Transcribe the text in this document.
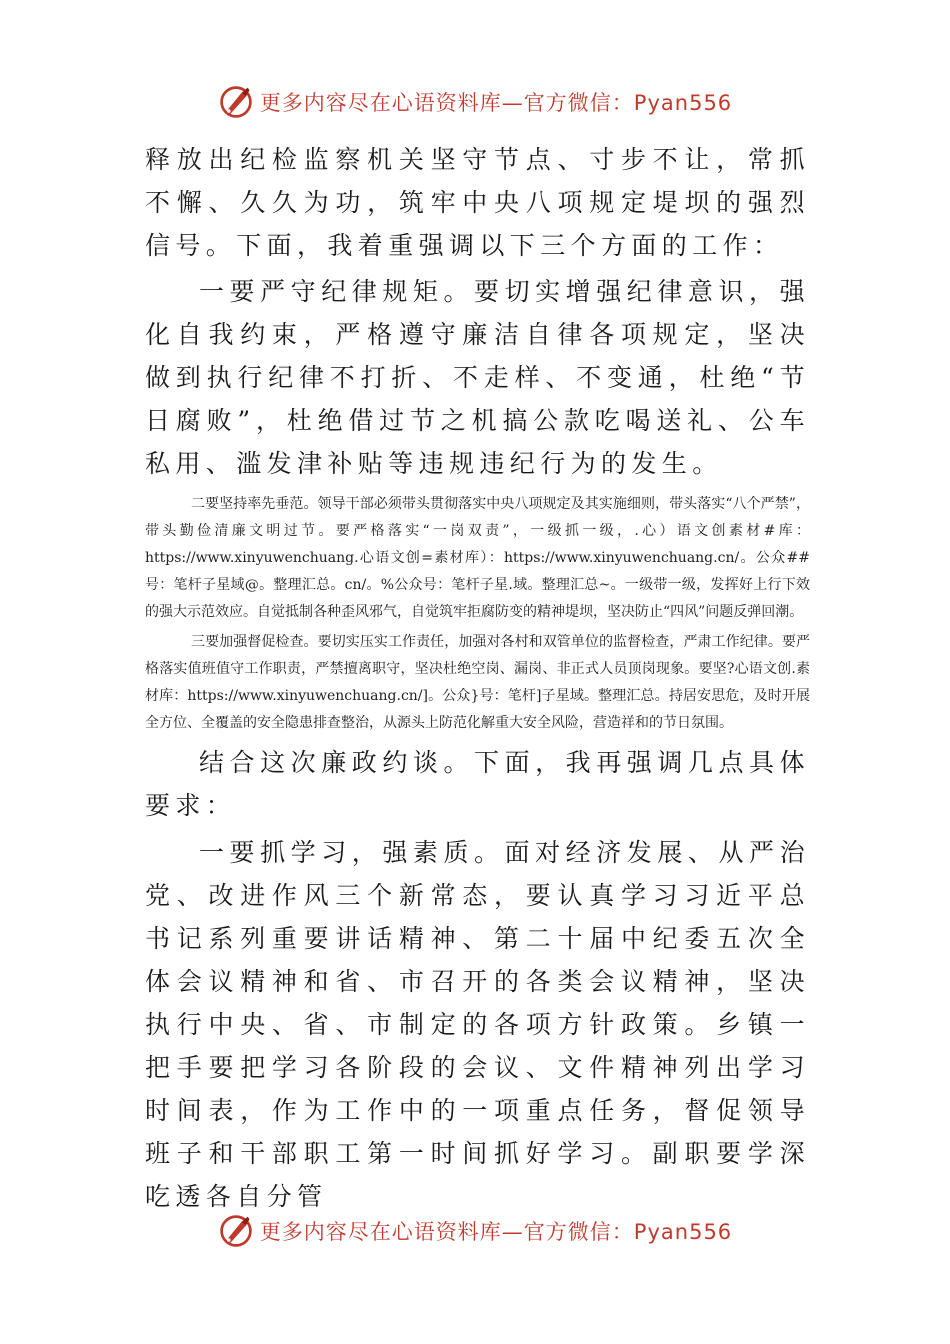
更多内容尽在心语资料库—官方微信：Pyan556

释放出纪检监察机关坚守节点、寸步不让，常抓不懈、久久为功，筑牢中央八项规定堤坝的强烈信号。下面，我着重强调以下三个方面的工作：

一要严守纪律规矩。要切实增强纪律意识，强化自我约束，严格遵守廉洁自律各项规定，坚决做到执行纪律不打折、不走样、不变通，杜绝“节日腐败”，杜绝借过节之机搞公款吃喝送礼、公车私用、滥发津补贴等违规违纪行为的发生。

二要坚持率先垂范。领导干部必须带头贯彻落实中央八项规定及其实施细则，带头落实“八个严禁”，带头勤俭清廉文明过节。要严格落实“一岗双责”，一级抓一级，.心）语文创素材#库：https://www.xinyuwenchuang.心语文创=素材库）：https://www.xinyuwenchuang.cn/。公众##号：笔杆子星域@。整理汇总。cn/。%公众号：笔杆子星.域。整理汇总~。一级带一级，发挥好上行下效的强大示范效应。自觉抵制各种歪风邪气，自觉筑牢拒腐防变的精神堤坝，坚决防止“四风”问题反弹回潮。

三要加强督促检查。要切实压实工作责任，加强对各村和双管单位的监督检查，严肃工作纪律。要严格落实值班值守工作职责，严禁擅离职守，坚决杜绝空岗、漏岗、非正式人员顶岗现象。要坚?心语文创.素材库：https://www.xinyuwenchuang.cn/]。公众}号：笔杆]子星域。整理汇总。持居安思危，及时开展全方位、全覆盖的安全隐患排查整治，从源头上防范化解重大安全风险，营造祥和的节日氛围。

结合这次廉政约谈。下面，我再强调几点具体要求：

一要抓学习，强素质。面对经济发展、从严治党、改进作风三个新常态，要认真学习习近平总书记系列重要讲话精神、第二十届中纪委五次全体会议精神和省、市召开的各类会议精神，坚决执行中央、省、市制定的各项方针政策。乡镇一把手要把学习各阶段的会议、文件精神列出学习时间表，作为工作中的一项重点任务，督促领导班子和干部职工第一时间抓好学习。副职要学深吃透各自分管

更多内容尽在心语资料库—官方微信：Pyan556
